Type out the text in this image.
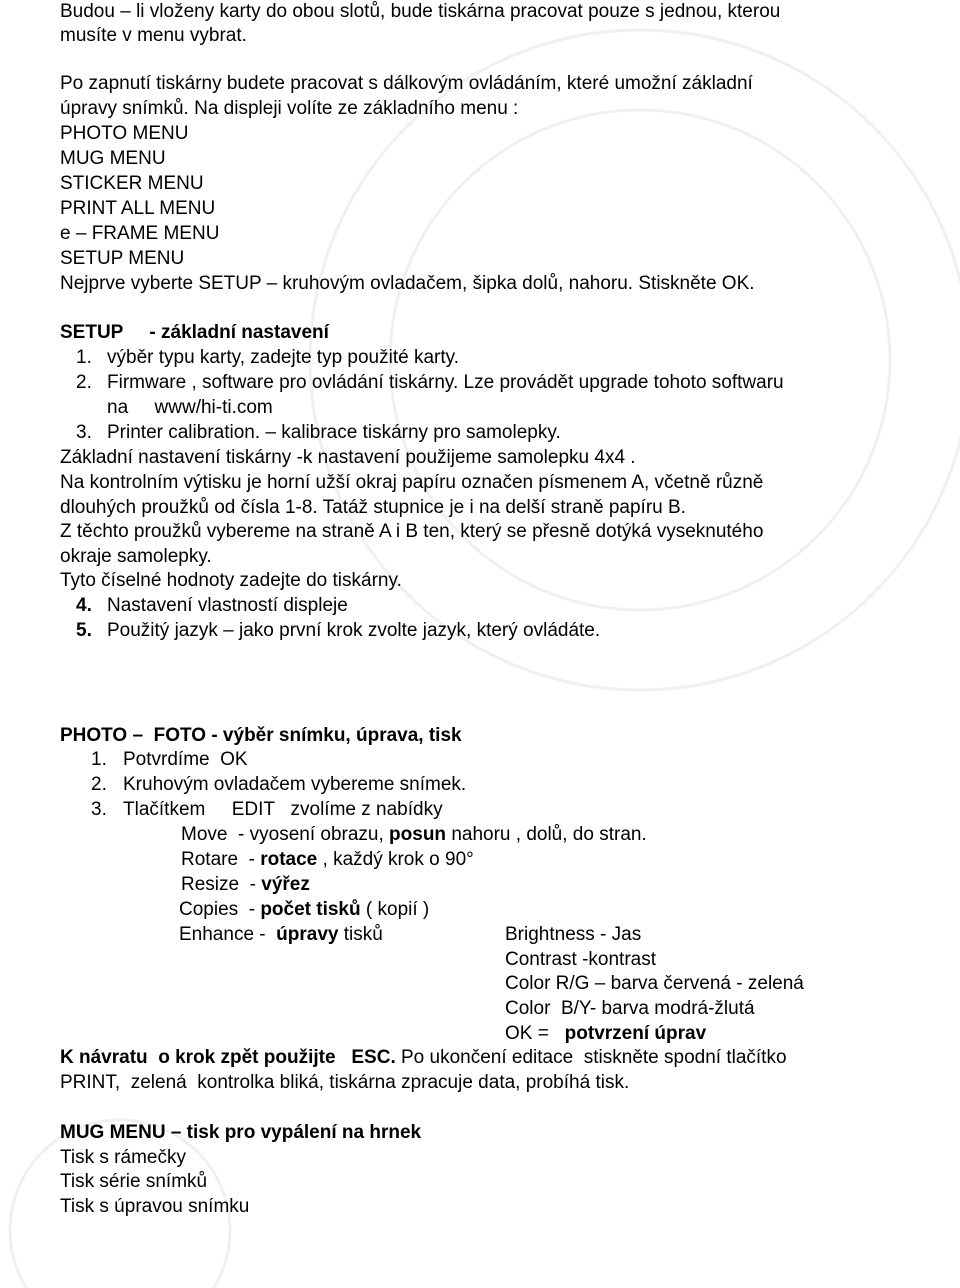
Budou – li vloženy karty do obou slotů, bude tiskárna pracovat pouze s jednou, kterou
musíte v menu vybrat.
Po zapnutí tiskárny budete pracovat s dálkovým ovládáním, které umožní základní
úpravy snímků. Na displeji volíte ze základního menu :
PHOTO MENU
MUG MENU
STICKER MENU
PRINT ALL MENU
e – FRAME MENU
SETUP MENU
Nejprve vyberte SETUP – kruhovým ovladačem, šipka dolů, nahoru. Stiskněte OK.
SETUP     - základní nastavení
1. výběr typu karty, zadejte typ použité karty.
2. Firmware , software pro ovládání tiskárny. Lze provádět upgrade tohoto softwaru
na     www/hi-ti.com
3. Printer calibration. – kalibrace tiskárny pro samolepky.
Základní nastavení tiskárny -k nastavení použijeme samolepku 4x4 .
Na kontrolním výtisku je horní užší okraj papíru označen písmenem A, včetně různě
dlouhých proužků od čísla 1-8. Tatáž stupnice je i na delší straně papíru B.
Z těchto proužků vybereme na straně A i B ten, který se přesně dotýká vyseknutého
okraje samolepky.
Tyto číselné hodnoty zadejte do tiskárny.
4. Nastavení vlastností displeje
5. Použitý jazyk – jako první krok zvolte jazyk, který ovládáte.
PHOTO –  FOTO - výběr snímku, úprava, tisk
1. Potvrdíme  OK
2. Kruhovým ovladačem vybereme snímek.
3. Tlačítkem     EDIT   zvolíme z nabídky
Move  - vyosení obrazu, posun nahoru , dolů, do stran.
Rotare  - rotace , každý krok o 90°
Resize  - výřez
Copies  - počet tisků ( kopií )
Enhance -  úpravy tisků	Brightness - Jas
Contrast -kontrast
Color R/G – barva červená - zelená
Color  B/Y- barva modrá-žlutá
OK =   potvrzení úprav
K návratu  o krok zpět použijte   ESC. Po ukončení editace  stiskněte spodní tlačítko
PRINT,  zelená  kontrolka bliká, tiskárna zpracuje data, probíhá tisk.
MUG MENU – tisk pro vypálení na hrnek
Tisk s rámečky
Tisk série snímků
Tisk s úpravou snímku
